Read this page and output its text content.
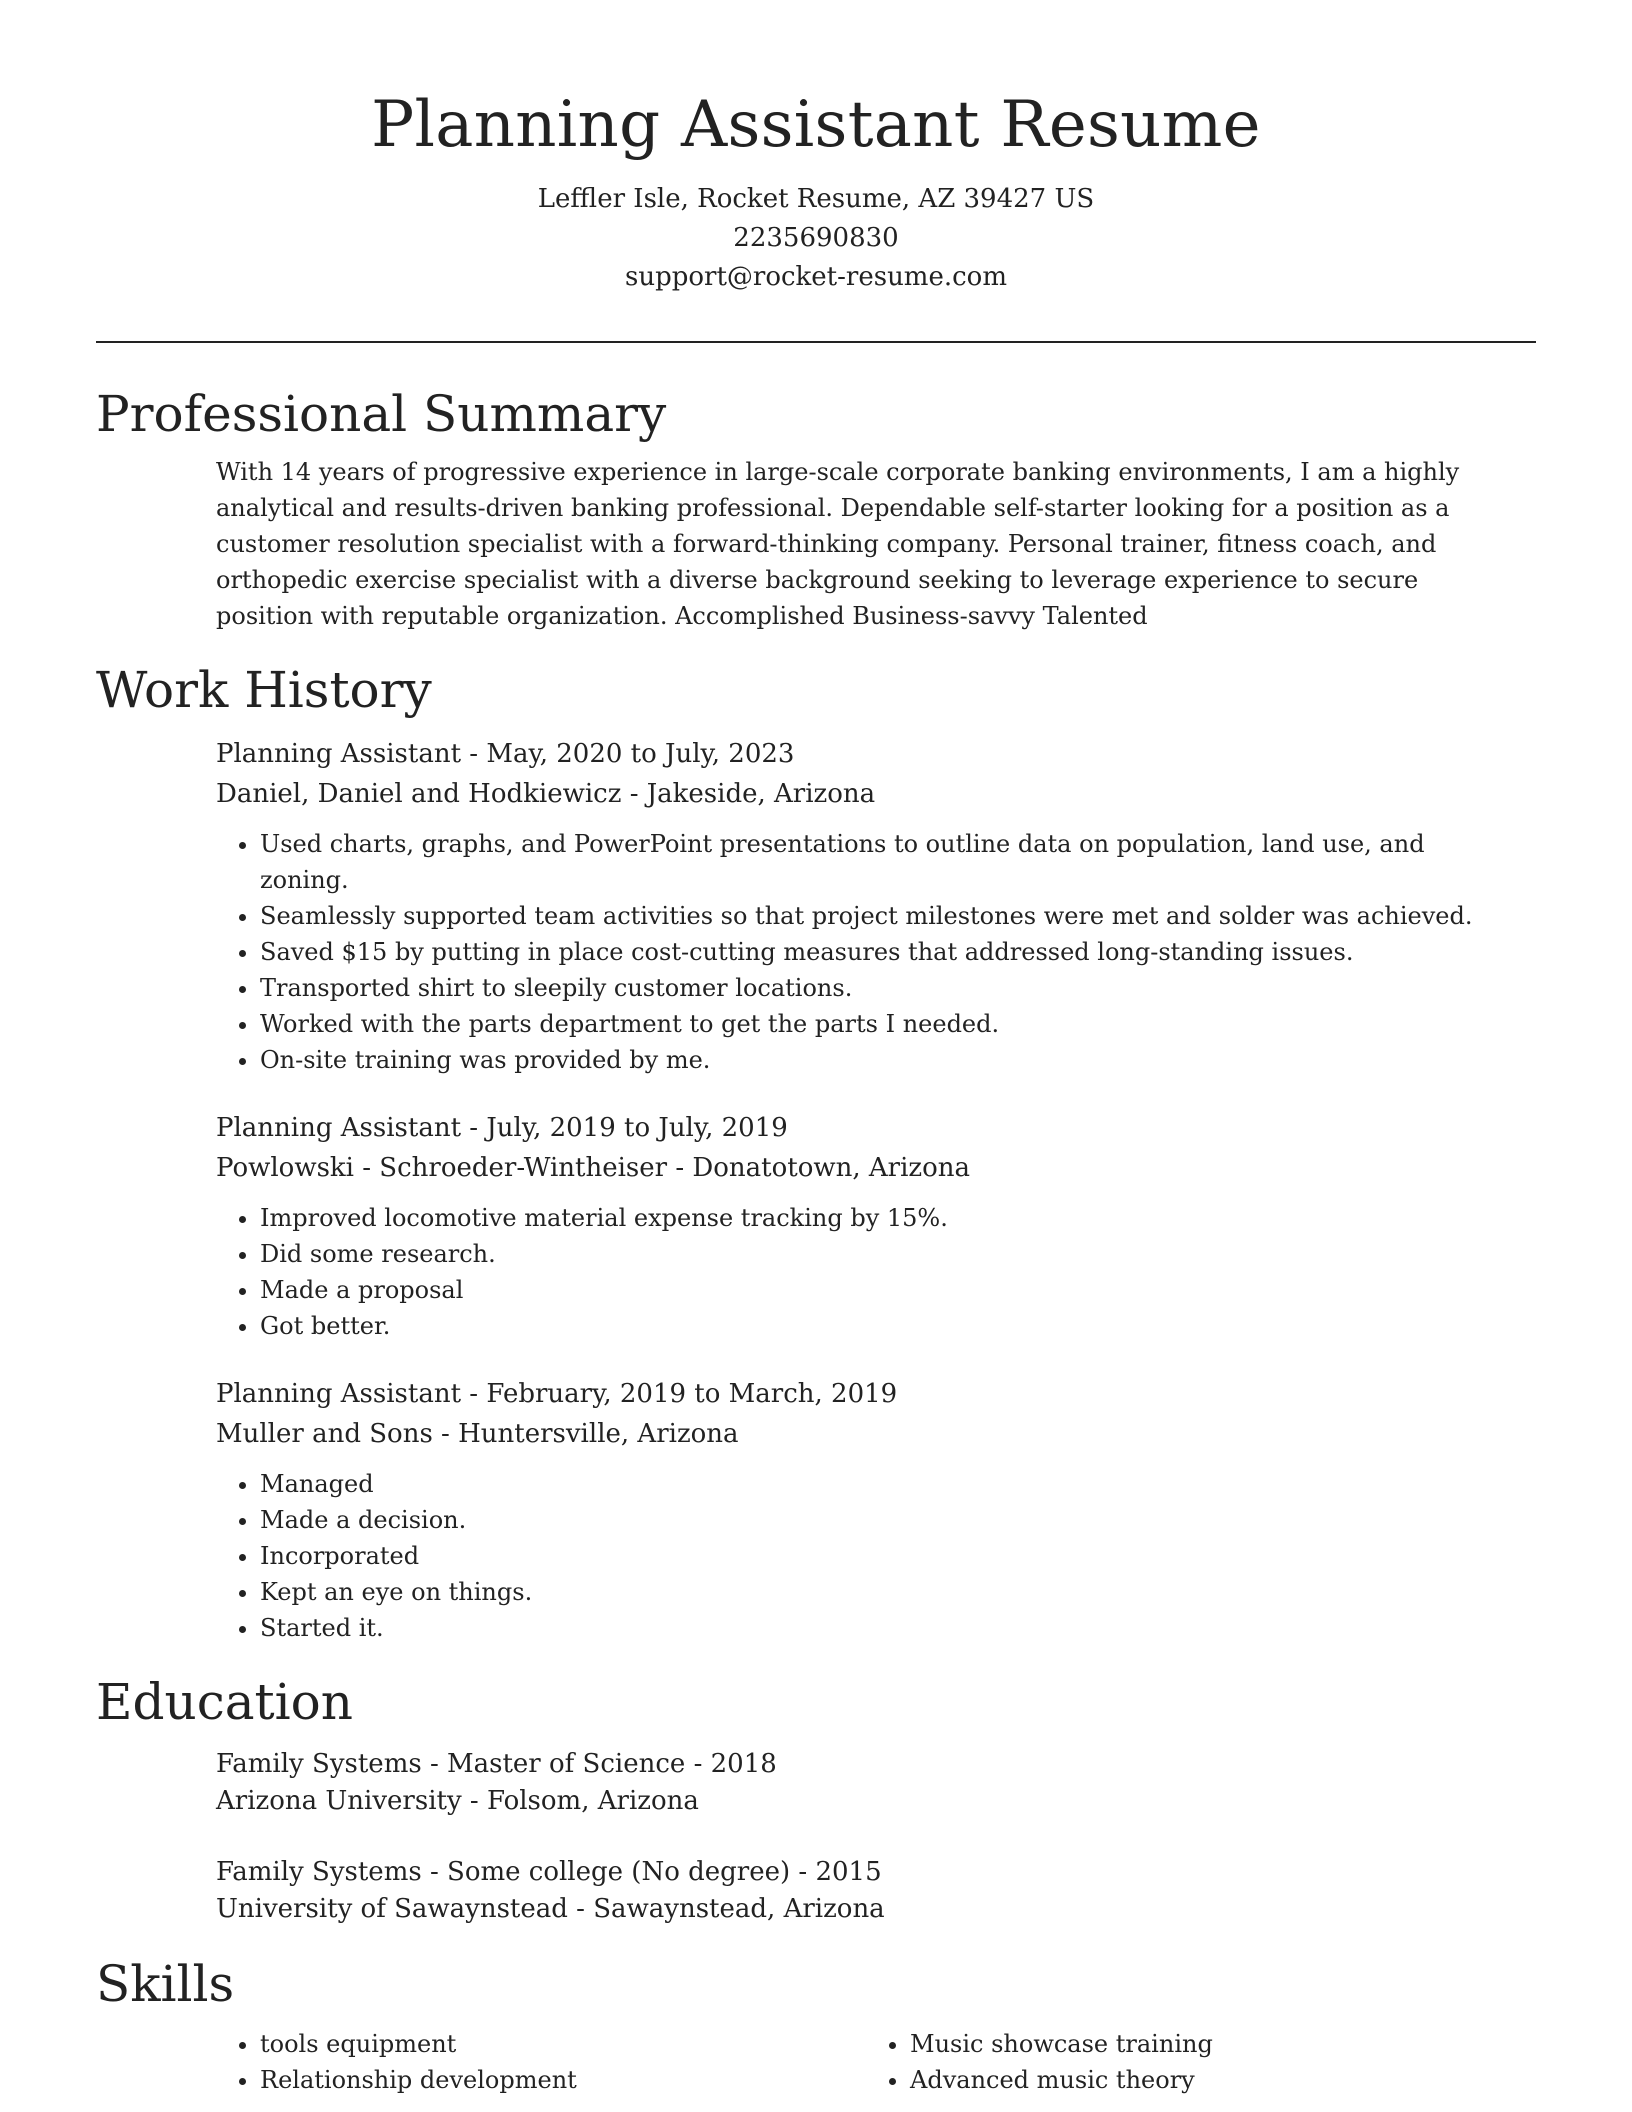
Planning Assistant Resume
Leffler Isle, Rocket Resume, AZ 39427 US
2235690830
support@rocket-resume.com
Professional Summary
With 14 years of progressive experience in large-scale corporate banking environments, I am a highly analytical and results-driven banking professional. Dependable self-starter looking for a position as a customer resolution specialist with a forward-thinking company. Personal trainer, fitness coach, and orthopedic exercise specialist with a diverse background seeking to leverage experience to secure position with reputable organization. Accomplished Business-savvy Talented
Work History
Planning Assistant - May, 2020 to July, 2023
Daniel, Daniel and Hodkiewicz - Jakeside, Arizona
• Used charts, graphs, and PowerPoint presentations to outline data on population, land use, and zoning.
• Seamlessly supported team activities so that project milestones were met and solder was achieved.
• Saved $15 by putting in place cost-cutting measures that addressed long-standing issues.
• Transported shirt to sleepily customer locations.
• Worked with the parts department to get the parts I needed.
• On-site training was provided by me.
Planning Assistant - July, 2019 to July, 2019
Powlowski - Schroeder-Wintheiser - Donatotown, Arizona
• Improved locomotive material expense tracking by 15%.
• Did some research.
• Made a proposal
• Got better.
Planning Assistant - February, 2019 to March, 2019
Muller and Sons - Huntersville, Arizona
• Managed
• Made a decision.
• Incorporated
• Kept an eye on things.
• Started it.
Education
Family Systems - Master of Science - 2018
Arizona University - Folsom, Arizona
Family Systems - Some college (No degree) - 2015
University of Sawaynstead - Sawaynstead, Arizona
Skills
• tools equipment
• Relationship development
• Music showcase training
• Advanced music theory
